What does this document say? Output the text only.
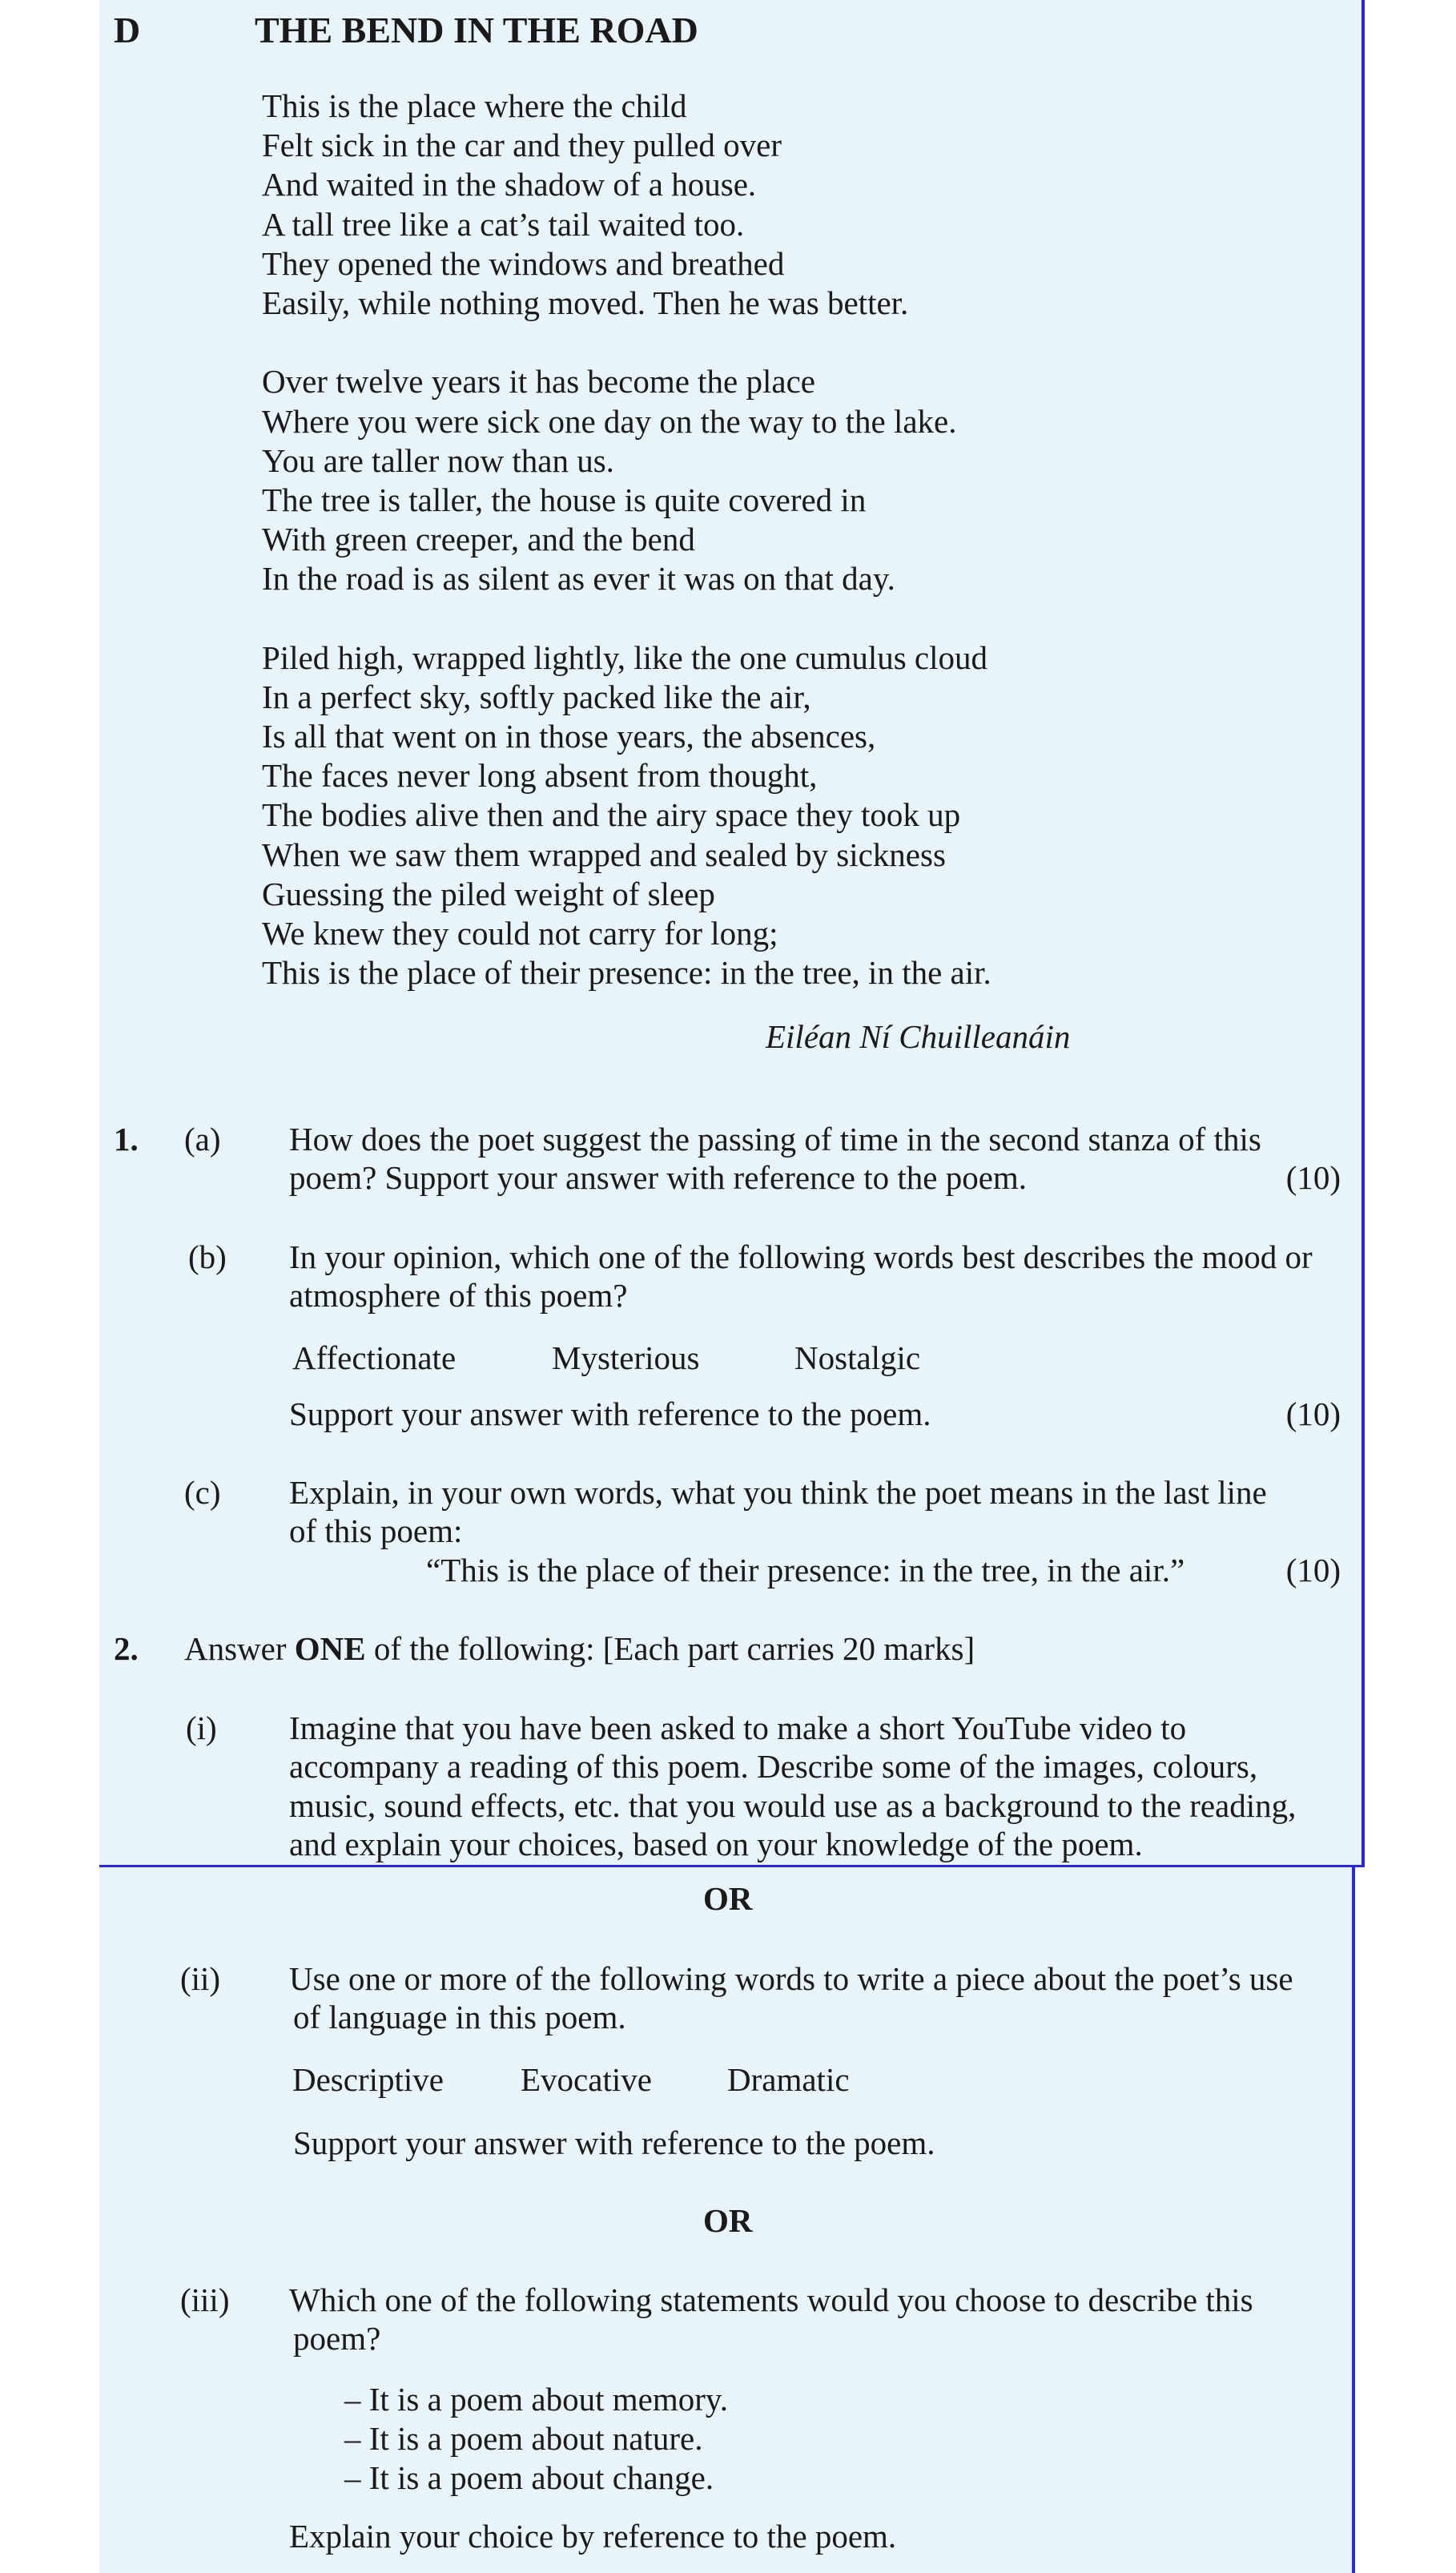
D	THE BEND IN THE ROAD
This is the place where the child
Felt sick in the car and they pulled over
And waited in the shadow of a house.
A tall tree like a cat’s tail waited too.
They opened the windows and breathed
Easily, while nothing moved. Then he was better.
Over twelve years it has become the place
Where you were sick one day on the way to the lake.
You are taller now than us.
The tree is taller, the house is quite covered in
With green creeper, and the bend
In the road is as silent as ever it was on that day.
Piled high, wrapped lightly, like the one cumulus cloud
In a perfect sky, softly packed like the air,
Is all that went on in those years, the absences,
The faces never long absent from thought,
The bodies alive then and the airy space they took up
When we saw them wrapped and sealed by sickness
Guessing the piled weight of sleep
We knew they could not carry for long;
This is the place of their presence: in the tree, in the air.
Eiléan Ní Chuilleanáin
1. (a) How does the poet suggest the passing of time in the second stanza of this
poem? Support your answer with reference to the poem.	(10)
(b) In your opinion, which one of the following words best describes the mood or
atmosphere of this poem?
Affectionate	Mysterious	Nostalgic
Support your answer with reference to the poem.	(10)
(c) Explain, in your own words, what you think the poet means in the last line
of this poem:
“This is the place of their presence: in the tree, in the air.”	(10)
2. Answer ONE of the following: [Each part carries 20 marks]
(i) Imagine that you have been asked to make a short YouTube video to
accompany a reading of this poem. Describe some of the images, colours,
music, sound effects, etc. that you would use as a background to the reading,
and explain your choices, based on your knowledge of the poem.
OR
(ii) Use one or more of the following words to write a piece about the poet’s use
of language in this poem.
Descriptive Evocative Dramatic
Support your answer with reference to the poem.
OR
(iii) Which one of the following statements would you choose to describe this
poem?
– It is a poem about memory.
– It is a poem about nature.
– It is a poem about change.
Explain your choice by reference to the poem.
